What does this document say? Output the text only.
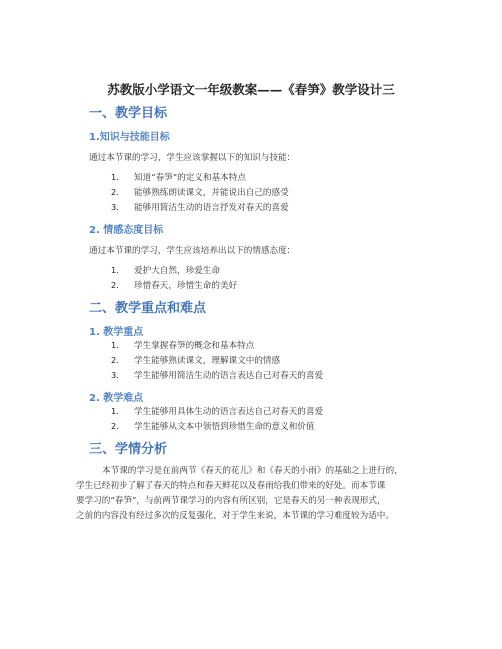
苏教版小学语文一年级教案——《春笋》教学设计三
一、教学目标
1.知识与技能目标
通过本节课的学习，学生应该掌握以下的知识与技能：
1. 知道“春笋”的定义和基本特点
2. 能够熟练朗读课文，并能说出自己的感受
3. 能够用简洁生动的语言抒发对春天的喜爱
2. 情感态度目标
通过本节课的学习，学生应该培养出以下的情感态度：
1. 爱护大自然，珍爱生命
2. 珍惜春天，珍惜生命的美好
二、教学重点和难点
1. 教学重点
1. 学生掌握春笋的概念和基本特点
2. 学生能够熟读课文，理解课文中的情感
3. 学生能够用简洁生动的语言表达自己对春天的喜爱
2. 教学难点
1. 学生能够用具体生动的语言表达自己对春天的喜爱
2. 学生能够从文本中领悟到珍惜生命的意义和价值
三、学情分析
本节课的学习是在前两节《春天的花儿》和《春天的小雨》的基础之上进行的，
学生已经初步了解了春天的特点和春天鲜花以及春雨给我们带来的好处。而本节课
要学习的“春笋”，与前两节课学习的内容有所区别，它是春天的另一种表现形式，
之前的内容没有经过多次的反复强化，对于学生来说，本节课的学习难度较为适中。
